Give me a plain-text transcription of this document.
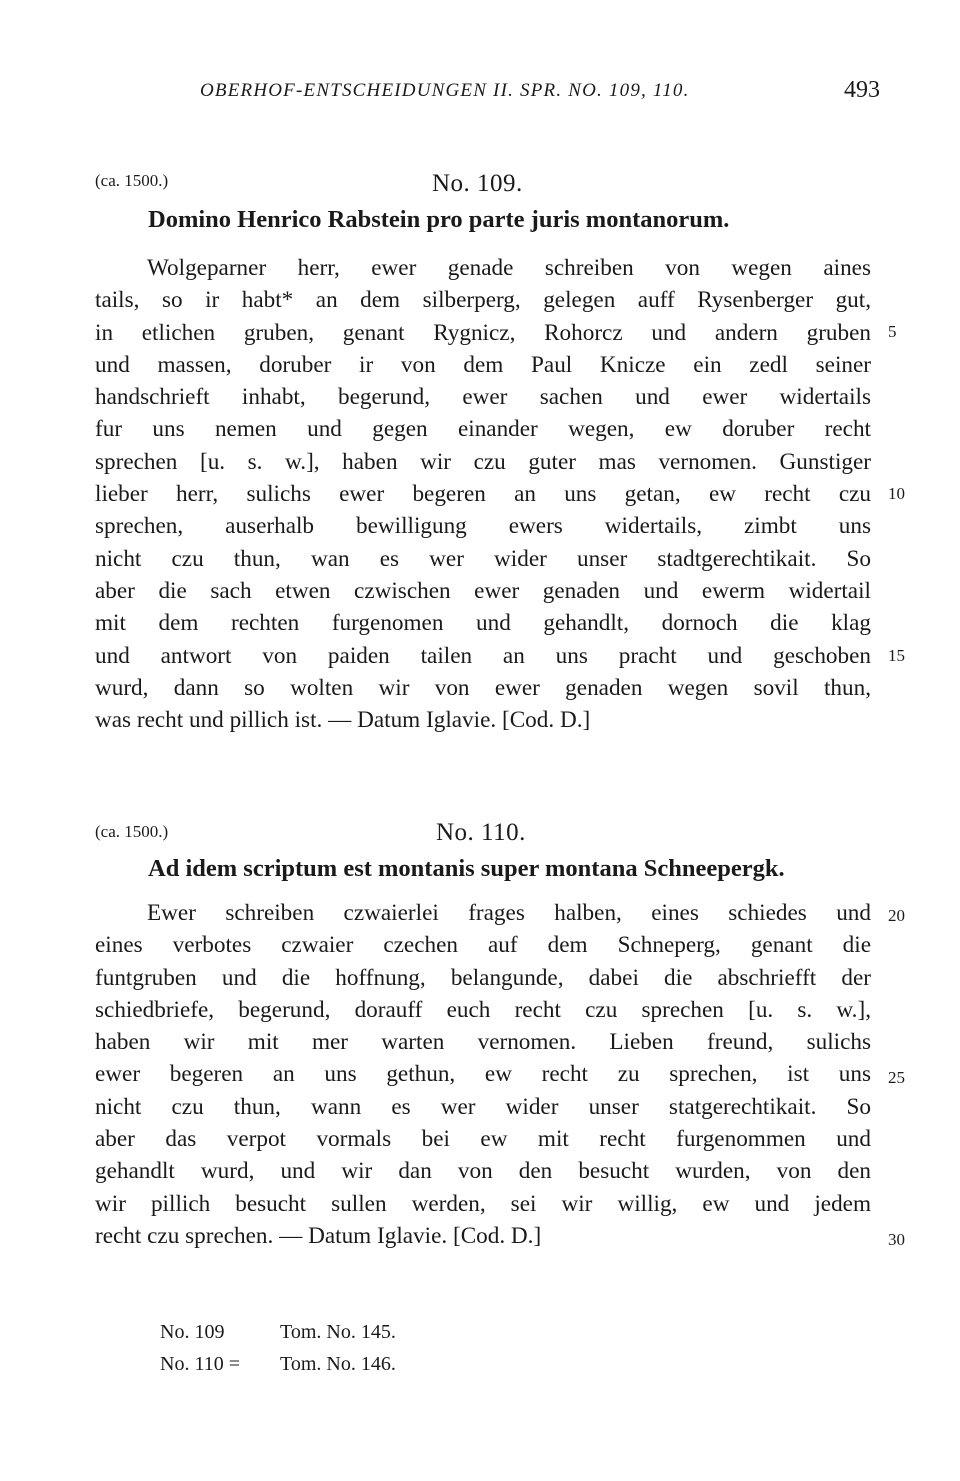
OBERHOF-ENTSCHEIDUNGEN II. SPR. NO. 109, 110.	493
(ca. 1500.)	No. 109.
Domino Henrico Rabstein pro parte juris montanorum.
Wolgeparner herr, ewer genade schreiben von wegen aines
tails, so ir habt* an dem silberperg, gelegen auff Rysenberger gut,
in etlichen gruben, genant Rygnicz, Rohorcz und andern gruben
und massen, doruber ir von dem Paul Knicze ein zedl seiner
handschrieft inhabt, begerund, ewer sachen und ewer widertails
fur uns nemen und gegen einander wegen, ew doruber recht
sprechen [u. s. w.], haben wir czu guter mas vernomen. Gunstiger
lieber herr, sulichs ewer begeren an uns getan, ew recht czu
sprechen, auserhalb bewilligung ewers widertails, zimbt uns
nicht czu thun, wan es wer wider unser stadtgerechtikait. So
aber die sach etwen czwischen ewer genaden und ewerm widertail
mit dem rechten furgenomen und gehandlt, dornoch die klag
und antwort von paiden tailen an uns pracht und geschoben
wurd, dann so wolten wir von ewer genaden wegen sovil thun,
was recht und pillich ist. — Datum Iglavie. [Cod. D.]
(ca. 1500.)	No. 110.
Ad idem scriptum est montanis super montana Schneepergk.
Ewer schreiben czwaierlei frages halben, eines schiedes und
eines verbotes czwaier czechen auf dem Schneperg, genant die
funtgruben und die hoffnung, belangunde, dabei die abschriefft der
schiedbriefe, begerund, dorauff euch recht czu sprechen [u. s. w.],
haben wir mit mer warten vernomen. Lieben freund, sulichs
ewer begeren an uns gethun, ew recht zu sprechen, ist uns
nicht czu thun, wann es wer wider unser statgerechtikait. So
aber das verpot vormals bei ew mit recht furgenommen und
gehandlt wurd, und wir dan von den besucht wurden, von den
wir pillich besucht sullen werden, sei wir willig, ew und jedem
recht czu sprechen. — Datum Iglavie. [Cod. D.]
5
10
15
20
25
30
No. 109	Tom. No. 145.
No. 110 = Tom. No. 146.
